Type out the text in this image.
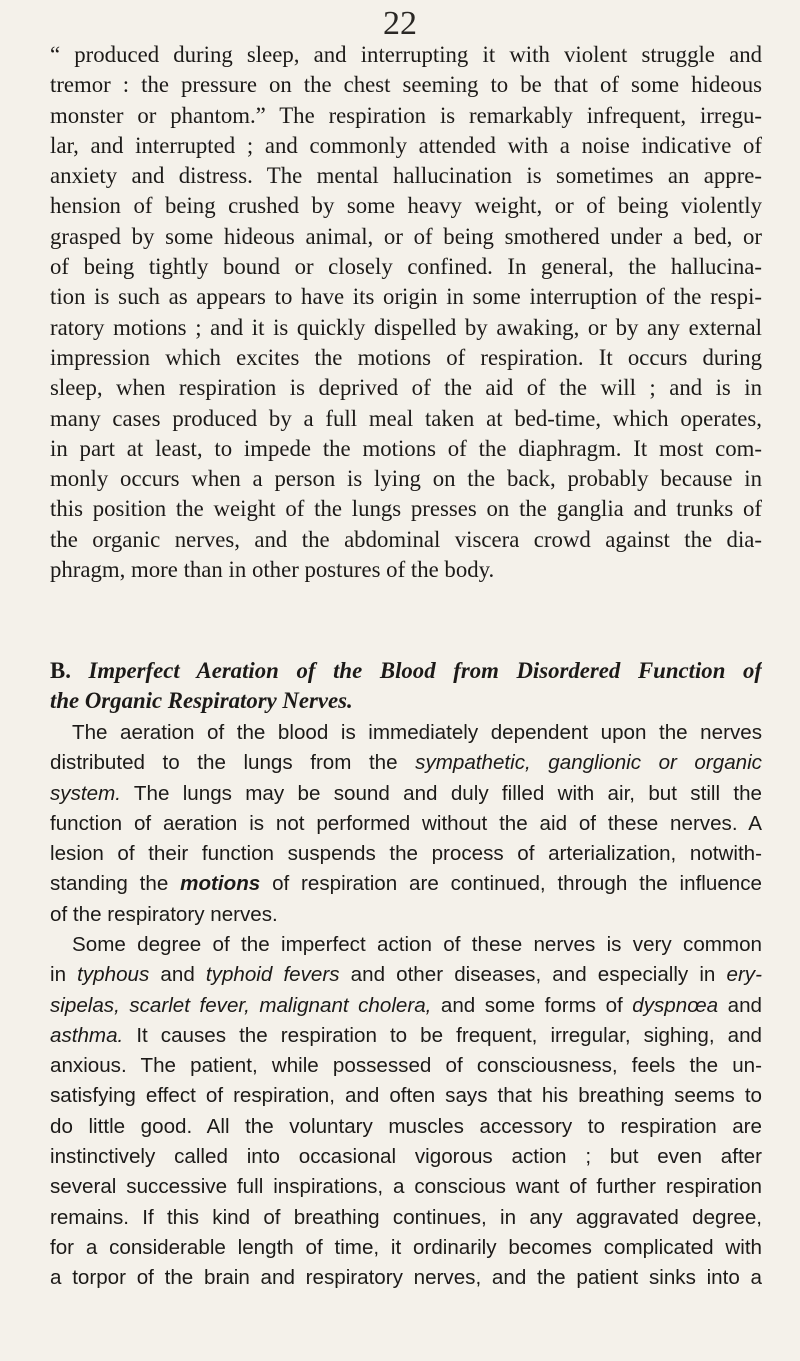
22
“ produced during sleep, and interrupting it with violent struggle and
tremor : the pressure on the chest seeming to be that of some hideous
monster or phantom.” The respiration is remarkably infrequent, irregu-
lar, and interrupted ; and commonly attended with a noise indicative of
anxiety and distress. The mental hallucination is sometimes an appre-
hension of being crushed by some heavy weight, or of being violently
grasped by some hideous animal, or of being smothered under a bed, or
of being tightly bound or closely confined. In general, the hallucina-
tion is such as appears to have its origin in some interruption of the respi-
ratory motions ; and it is quickly dispelled by awaking, or by any external
impression which excites the motions of respiration. It occurs during
sleep, when respiration is deprived of the aid of the will ; and is in
many cases produced by a full meal taken at bed-time, which operates,
in part at least, to impede the motions of the diaphragm. It most com-
monly occurs when a person is lying on the back, probably because in
this position the weight of the lungs presses on the ganglia and trunks of
the organic nerves, and the abdominal viscera crowd against the dia-
phragm, more than in other postures of the body.
B. Imperfect Aeration of the Blood from Disordered Function of
the Organic Respiratory Nerves.
The aeration of the blood is immediately dependent upon the nerves
distributed to the lungs from the sympathetic, ganglionic or organic
system. The lungs may be sound and duly filled with air, but still the
function of aeration is not performed without the aid of these nerves. A
lesion of their function suspends the process of arterialization, notwith-
standing the motions of respiration are continued, through the influence
of the respiratory nerves.
Some degree of the imperfect action of these nerves is very common
in typhous and typhoid fevers and other diseases, and especially in ery-
sipelas, scarlet fever, malignant cholera, and some forms of dyspnœa and
asthma. It causes the respiration to be frequent, irregular, sighing, and
anxious. The patient, while possessed of consciousness, feels the un-
satisfying effect of respiration, and often says that his breathing seems to
do little good. All the voluntary muscles accessory to respiration are
instinctively called into occasional vigorous action ; but even after
several successive full inspirations, a conscious want of further respiration
remains. If this kind of breathing continues, in any aggravated degree,
for a considerable length of time, it ordinarily becomes complicated with
a torpor of the brain and respiratory nerves, and the patient sinks into a
